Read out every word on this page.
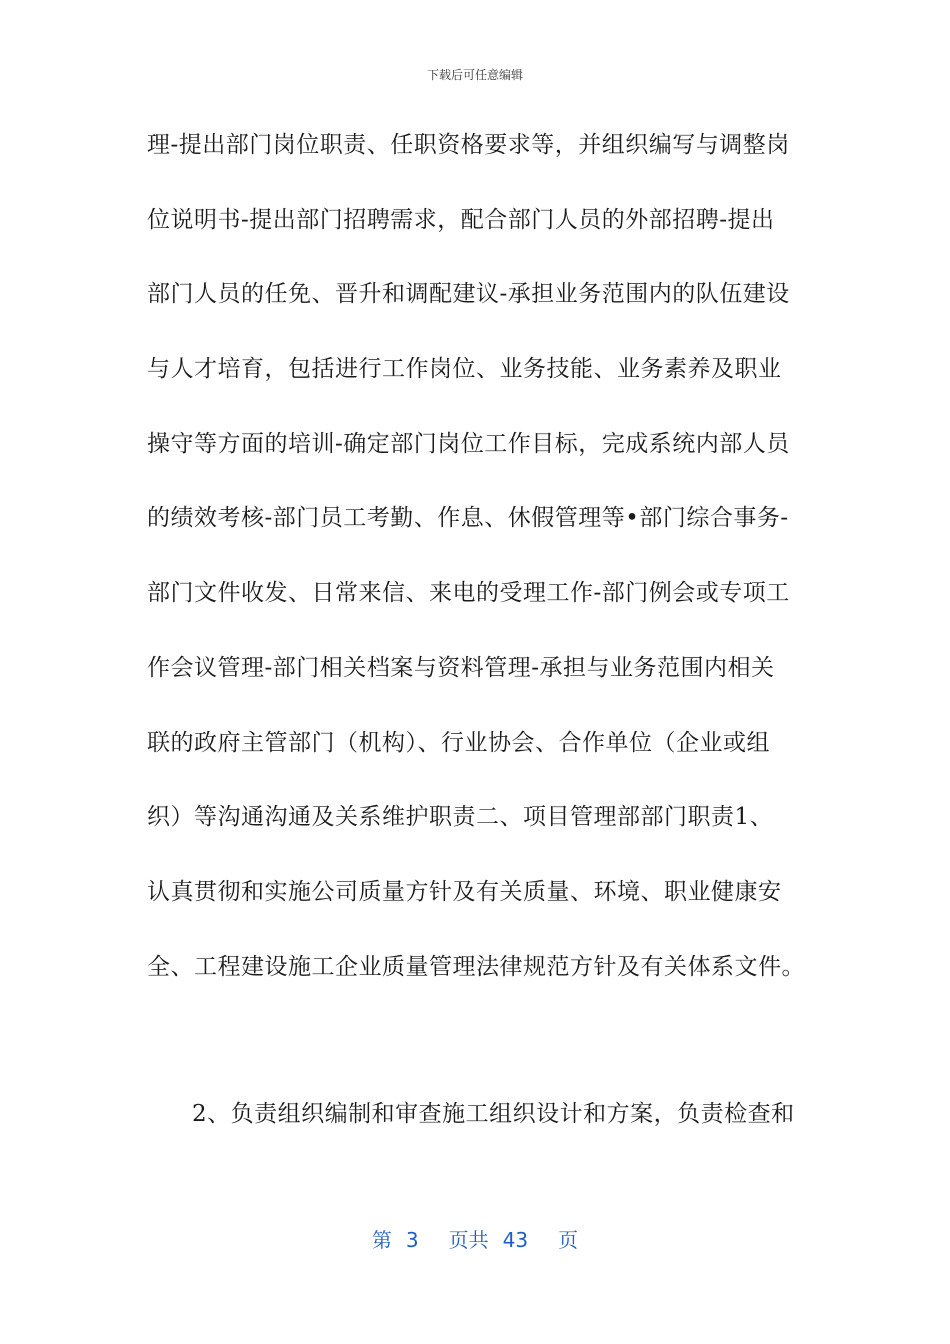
下载后可任意编辑
理-提出部门岗位职责、任职资格要求等，并组织编写与调整岗
位说明书-提出部门招聘需求，配合部门人员的外部招聘-提出
部门人员的任免、晋升和调配建议-承担业务范围内的队伍建设
与人才培育，包括进行工作岗位、业务技能、业务素养及职业
操守等方面的培训-确定部门岗位工作目标，完成系统内部人员
的绩效考核-部门员工考勤、作息、休假管理等•部门综合事务-
部门文件收发、日常来信、来电的受理工作-部门例会或专项工
作会议管理-部门相关档案与资料管理-承担与业务范围内相关
联的政府主管部门（机构）、行业协会、合作单位（企业或组
织）等沟通沟通及关系维护职责二、项目管理部部门职责1、
认真贯彻和实施公司质量方针及有关质量、环境、职业健康安
全、工程建设施工企业质量管理法律规范方针及有关体系文件。
2、负责组织编制和审查施工组织设计和方案，负责检查和
第 3 页共 43 页
